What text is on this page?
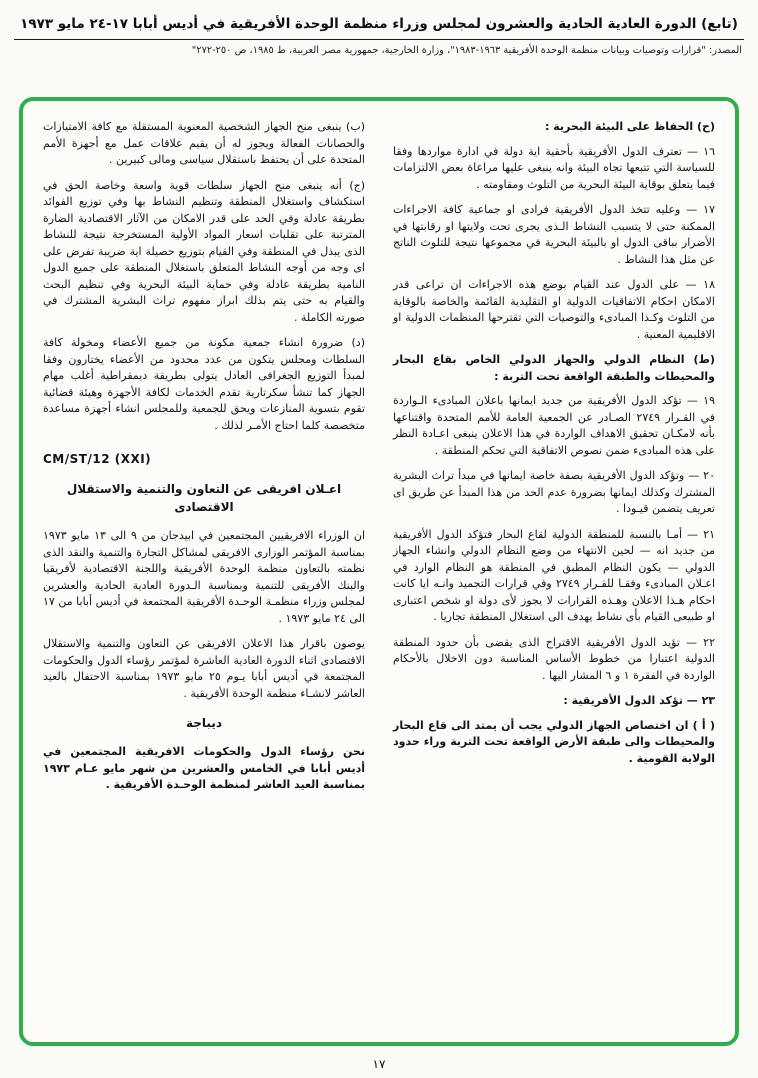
(تابع) الدورة العادية الحادية والعشرون لمجلس وزراء منظمة الوحدة الأفريقية في أديس أبابا ١٧-٢٤ مايو ١٩٧٣
المصدر: "قرارات وتوصيات وبيانات منظمة الوحدة الأفريقية ١٩٦٣-١٩٨٣"، وزارة الخارجية، جمهورية مصر العربية، ط ١٩٨٥، ص ٢٥٠-٢٧٢"
(ح) الحفاظ على البيئة البحرية :
١٦ — تعترف الدول الأفريقية بأحقية اية دولة في ادارة مواردها وفقا للسياسة التي تتبعها تجاه البيئة وانه ينبغى عليها مراعاة بعض الالتزامات فيما يتعلق بوقاية البيئة البحرية من التلوث ومقاومته .
١٧ — وعليه تتخذ الدول الأفريقية فرادى او جماعية كافة الاجراءات الممكنة حتى لا يتسبب النشاط الـذى يجرى تحت ولايتها او رقابتها في الأضرار بباقى الدول او بالبيئة البحرية في مجموعها نتيجة للتلوث الناتج عن مثل هذا النشاط .
١٨ — على الدول عند القيام بوضع هذه الاجراءات ان تراعى قدر الامكان احكام الاتفاقيات الدولية او التقليدية القائمة والخاصة بالوقاية من التلوث وكـذا المبادىء والتوصيات التي تقترحها المنظمات الدولية او الاقليمية المعنية .
(ط) النظام الدولي والجهاز الدولي الخاص بقاع البحار والمحيطات والطبقة الواقعة تحت التربة :
١٩ — تؤكد الدول الأفريقية من جديد ايمانها باعلان المبادىء الـواردة في القـرار ٢٧٤٩ الصـادر عن الجمعية العامة للأمم المتحدة واقتناعها بأنه لامكـان تحقيق الاهداف الواردة في هذا الاعلان ينبغى اعـادة النظر على هذه المبادىء ضمن نصوص الاتفاقية التي تحكم المنطقة .
٢٠ — وتؤكد الدول الأفريقية بصفة خاصة ايمانها في مبدأ تراث البشرية المشترك وكذلك ايمانها بضرورة عدم الحد من هذا المبدأ عن طريق اى تعريف يتضمن قيـودا .
٢١ — أمـا بالنسبة للمنطقة الدولية لقاع البحار فتؤكد الدول الأفريقية من جديد انه — لحين الانتهاء من وضع النظام الدولي وانشاء الجهاز الدولي — يكون النظام المطبق في المنطقة هو النظام الوارد في اعـلان المبادىء وفقـا للقـرار ٢٧٤٩ وفي قرارات التجميد وانـه ايا كانت احكام هـذا الاعلان وهـذه القرارات لا يجوز لأى دولة او شخص اعتبارى او طبيعى القيام بأى نشاط يهدف الى استغلال المنطقة تجاريا .
٢٢ — تؤيد الدول الأفريقية الاقتراح الذى يقضى بأن حدود المنطقة الدولية اعتبارا من خطوط الأساس المناسبة دون الاخلال بالأحكام الواردة في الفقرة ١ و ٦ المشار اليها .
٢٣ — تؤكد الدول الأفريقية :
( أ ) ان اختصاص الجهاز الدولي يجب أن يمتد الى قاع البحار والمحيطات والى طبقة الأرض الواقعة تحت التربة وراء حدود الولاية القومية .
(ب) ينبغى منح الجهاز الشخصية المعنوية المستقلة مع كافة الامتيازات والحصانات الفعالة ويجوز له أن يقيم علاقات عمل مع أجهزة الأمم المتحدة على أن يحتفظ باستقلال سياسى ومالى كبيرين .
(ج) أنه ينبغى منح الجهاز سلطات قوية واسعة وخاصة الحق في استكشاف واستغلال المنطقة وتنظيم النشاط بها وفي توزيع الفوائد بطريقة عادلة وفي الحد على قدر الامكان من الآثار الاقتصادية الضارة المترتبة على تقلبات اسعار المواد الأولية المستخرجة نتيجة للنشاط الذى يبذل في المنطقة وفي القيام بتوزيع حصيلة اية ضريبة تفرض على اى وجه من أوجه النشاط المتعلق باستغلال المنطقة على جميع الدول النامية بطريقة عادلة وفي حماية البيئة البحرية وفي تنظيم البحث والقيام به حتى يتم بذلك ابراز مفهوم تراث البشرية المشترك في صورته الكاملة .
(د) ضرورة انشاء جمعية مكونة من جميع الأعضاء ومخولة كافة السلطات ومجلس يتكون من عدد محدود من الأعضاء يختارون وفقا لمبدأ التوزيع الجغرافى العادل يتولى بطريقة ديمقراطية أغلب مهام الجهاز كما تنشأ سكرتارية تقدم الخدمات لكافة الأجهزة وهيئة قضائية تقوم بتسوية المنازعات ويحق للجمعية وللمجلس انشاء أجهزة مساعدة متخصصة كلما احتاج الأمـر لذلك .
CM/ST/12 (XXI)
اعـلان افريقى عن التعاون والتنمية والاستقلال الاقتصادى
ان الوزراء الافريقيين المجتمعين في ابيدجان من ٩ الى ١٣ مايو ١٩٧٣ بمناسبة المؤتمر الوزارى الافريقى لمشاكل التجارة والتنمية والنقد الذى نظمته بالتعاون منظمة الوحدة الأفريقية واللجنة الاقتصادية لأفريقيا والبنك الأفريقى للتنمية وبمناسبة الـدورة العادية الحادية والعشرين لمجلس وزراء منظمـة الوحـدة الأفريقية المجتمعة في أديس أبابا من ١٧ الى ٢٤ مايو ١٩٧٣ .
يوصون باقرار هذا الاعلان الافريقى عن التعاون والتنمية والاستقلال الاقتصادى اثناء الدورة العادية العاشرة لمؤتمر رؤساء الدول والحكومات المجتمعة في أديس أبابا يـوم ٢٥ مايو ١٩٧٣ بمناسبة الاحتفال بالعيد العاشر لانشـاء منظمة الوحدة الأفريقية .
ديباجة
نحن رؤساء الدول والحكومات الافريقية المجتمعين في أديس أبابا في الخامس والعشرين من شهر مايو عـام ١٩٧٣ بمناسبة العيد العاشر لمنظمة الوحـدة الأفريقية .
١٧
